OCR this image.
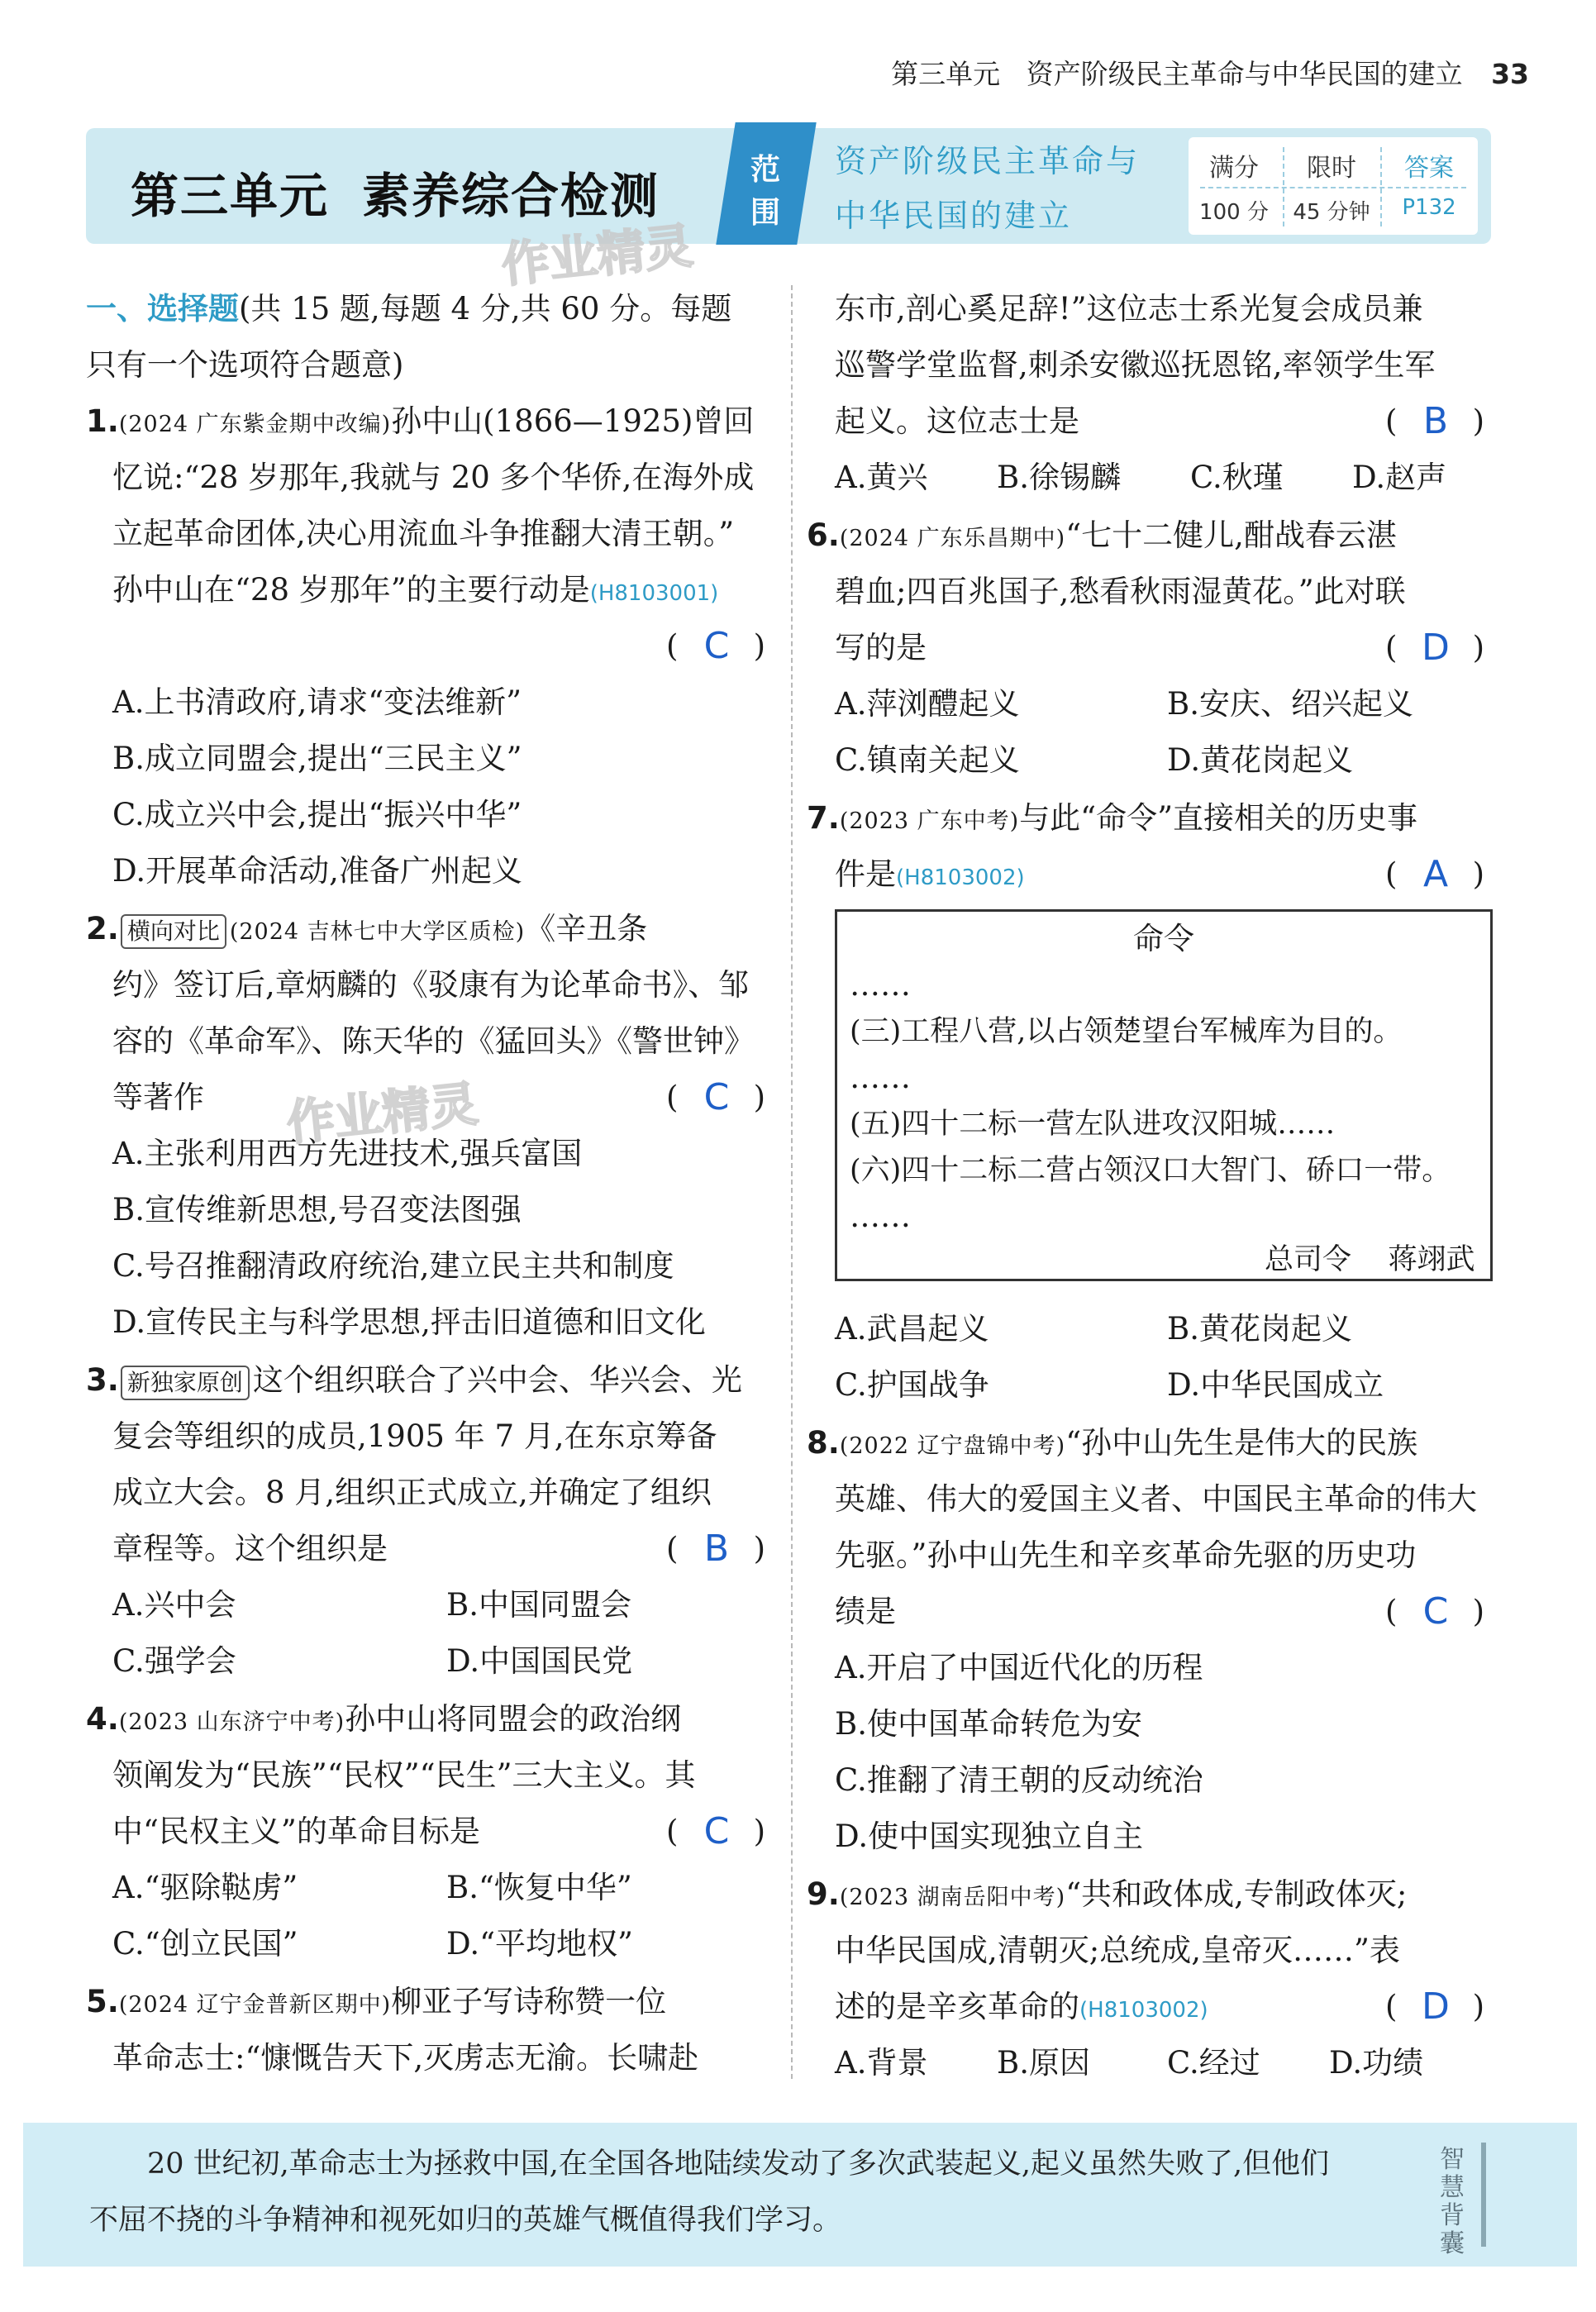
第三单元 资产阶级民主革命与中华民国的建立 33
第三单元 素养综合检测	范围
资产阶级民主革命与
中华民国的建立
满分	限时	答案
100 分	45 分钟	P132
作业精灵
作业精灵
一、选择题(共 15 题,每题 4 分,共 60 分。每题
只有一个选项符合题意)
1.(2024 广东紫金期中改编)孙中山(1866—1925)曾回
忆说:“28 岁那年,我就与 20 多个华侨,在海外成
立起革命团体,决心用流血斗争推翻大清王朝。”
孙中山在“28 岁那年”的主要行动是(H8103001)
( C )
A.上书清政府,请求“变法维新”
B.成立同盟会,提出“三民主义”
C.成立兴中会,提出“振兴中华”
D.开展革命活动,准备广州起义
2. 横向对比 (2024 吉林七中大学区质检)《辛丑条
约》签订后,章炳麟的《驳康有为论革命书》、邹
容的《革命军》、陈天华的《猛回头》《警世钟》
等著作	( C )
A.主张利用西方先进技术,强兵富国
B.宣传维新思想,号召变法图强
C.号召推翻清政府统治,建立民主共和制度
D.宣传民主与科学思想,抨击旧道德和旧文化
3. 新独家原创 这个组织联合了兴中会、华兴会、光
复会等组织的成员,1905 年 7 月,在东京筹备
成立大会。8 月,组织正式成立,并确定了组织
章程等。这个组织是	( B )
A.兴中会	B.中国同盟会
C.强学会	D.中国国民党
4.(2023 山东济宁中考)孙中山将同盟会的政治纲
领阐发为“民族”“民权”“民生”三大主义。其
中“民权主义”的革命目标是	( C )
A.“驱除鞑虏”	B.“恢复中华”
C.“创立民国”	D.“平均地权”
5.(2024 辽宁金普新区期中)柳亚子写诗称赞一位
革命志士:“慷慨告天下,灭虏志无渝。长啸赴
东市,剖心奚足辞!”这位志士系光复会成员兼
巡警学堂监督,刺杀安徽巡抚恩铭,率领学生军
起义。这位志士是	( B )
A.黄兴 B.徐锡麟 C.秋瑾 D.赵声
6.(2024 广东乐昌期中)“七十二健儿,酣战春云湛
碧血;四百兆国子,愁看秋雨湿黄花。”此对联
写的是	( D )
A.萍浏醴起义	B.安庆、绍兴起义
C.镇南关起义	D.黄花岗起义
7.(2023 广东中考)与此“命令”直接相关的历史事
件是(H8103002)	( A )
命令
……
(三)工程八营,以占领楚望台军械库为目的。
……
(五)四十二标一营左队进攻汉阳城……
(六)四十二标二营占领汉口大智门、硚口一带。
……
总司令 蒋翊武
A.武昌起义	B.黄花岗起义
C.护国战争	D.中华民国成立
8.(2022 辽宁盘锦中考)“孙中山先生是伟大的民族
英雄、伟大的爱国主义者、中国民主革命的伟大
先驱。”孙中山先生和辛亥革命先驱的历史功
绩是	( C )
A.开启了中国近代化的历程
B.使中国革命转危为安
C.推翻了清王朝的反动统治
D.使中国实现独立自主
9.(2023 湖南岳阳中考)“共和政体成,专制政体灭;
中华民国成,清朝灭;总统成,皇帝灭……”表
述的是辛亥革命的(H8103002)	( D )
A.背景 B.原因	C.经过 D.功绩
20 世纪初,革命志士为拯救中国,在全国各地陆续发动了多次武装起义,起义虽然失败了,但他们
不屈不挠的斗争精神和视死如归的英雄气概值得我们学习。
智慧背囊
